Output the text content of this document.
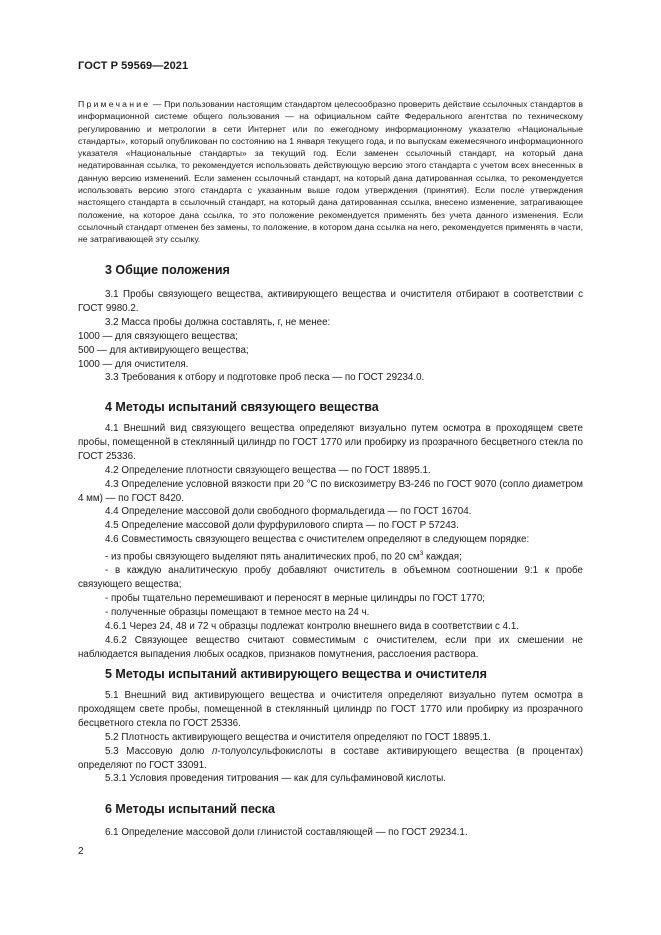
ГОСТ Р 59569—2021

Примечание — При пользовании настоящим стандартом целесообразно проверить действие ссылочных стандартов в информационной системе общего пользования — на официальном сайте Федерального агентства по техническому регулированию и метрологии в сети Интернет или по ежегодному информационному указателю «Национальные стандарты», который опубликован по состоянию на 1 января текущего года, и по выпускам ежемесячного информационного указателя «Национальные стандарты» за текущий год. Если заменен ссылочный стандарт, на который дана недатированная ссылка, то рекомендуется использовать действующую версию этого стандарта с учетом всех внесенных в данную версию изменений. Если заменен ссылочный стандарт, на который дана датированная ссылка, то рекомендуется использовать версию этого стандарта с указанным выше годом утверждения (принятия). Если после утверждения настоящего стандарта в ссылочный стандарт, на который дана датированная ссылка, внесено изменение, затрагивающее положение, на которое дана ссылка, то это положение рекомендуется применять без учета данного изменения. Если ссылочный стандарт отменен без замены, то положение, в котором дана ссылка на него, рекомендуется применять в части, не затрагивающей эту ссылку.

3 Общие положения

3.1 Пробы связующего вещества, активирующего вещества и очистителя отбирают в соответствии с ГОСТ 9980.2.

3.2 Масса пробы должна составлять, г, не менее:

1000 — для связующего вещества;

500 — для активирующего вещества;

1000 — для очистителя.

3.3 Требования к отбору и подготовке проб песка — по ГОСТ 29234.0.

4 Методы испытаний связующего вещества

4.1 Внешний вид связующего вещества определяют визуально путем осмотра в проходящем свете пробы, помещенной в стеклянный цилиндр по ГОСТ 1770 или пробирку из прозрачного бесцветного стекла по ГОСТ 25336.

4.2 Определение плотности связующего вещества — по ГОСТ 18895.1.

4.3 Определение условной вязкости при 20 °С по вискозиметру ВЗ-246 по ГОСТ 9070 (сопло диаметром 4 мм) — по ГОСТ 8420.

4.4 Определение массовой доли свободного формальдегида — по ГОСТ 16704.

4.5 Определение массовой доли фурфурилового спирта — по ГОСТ Р 57243.

4.6 Совместимость связующего вещества с очистителем определяют в следующем порядке:

- из пробы связующего выделяют пять аналитических проб, по 20 $см^3$ каждая;

- в каждую аналитическую пробу добавляют очиститель в объемном соотношении 9:1 к пробе связующего вещества;

- пробы тщательно перемешивают и переносят в мерные цилиндры по ГОСТ 1770;

- полученные образцы помещают в темное место на 24 ч.

4.6.1 Через 24, 48 и 72 ч образцы подлежат контролю внешнего вида в соответствии с 4.1.

4.6.2 Связующее вещество считают совместимым с очистителем, если при их смешении не наблюдается выпадения любых осадков, признаков помутнения, расслоения раствора.

5 Методы испытаний активирующего вещества и очистителя

5.1 Внешний вид активирующего вещества и очистителя определяют визуально путем осмотра в проходящем свете пробы, помещенной в стеклянный цилиндр по ГОСТ 1770 или пробирку из прозрачного бесцветного стекла по ГОСТ 25336.

5.2 Плотность активирующего вещества и очистителя определяют по ГОСТ 18895.1.

5.3 Массовую долю п-толуолсульфокислоты в составе активирующего вещества (в процентах) определяют по ГОСТ 33091.

5.3.1 Условия проведения титрования — как для сульфаминовой кислоты.

6 Методы испытаний песка

6.1 Определение массовой доли глинистой составляющей — по ГОСТ 29234.1.

2
